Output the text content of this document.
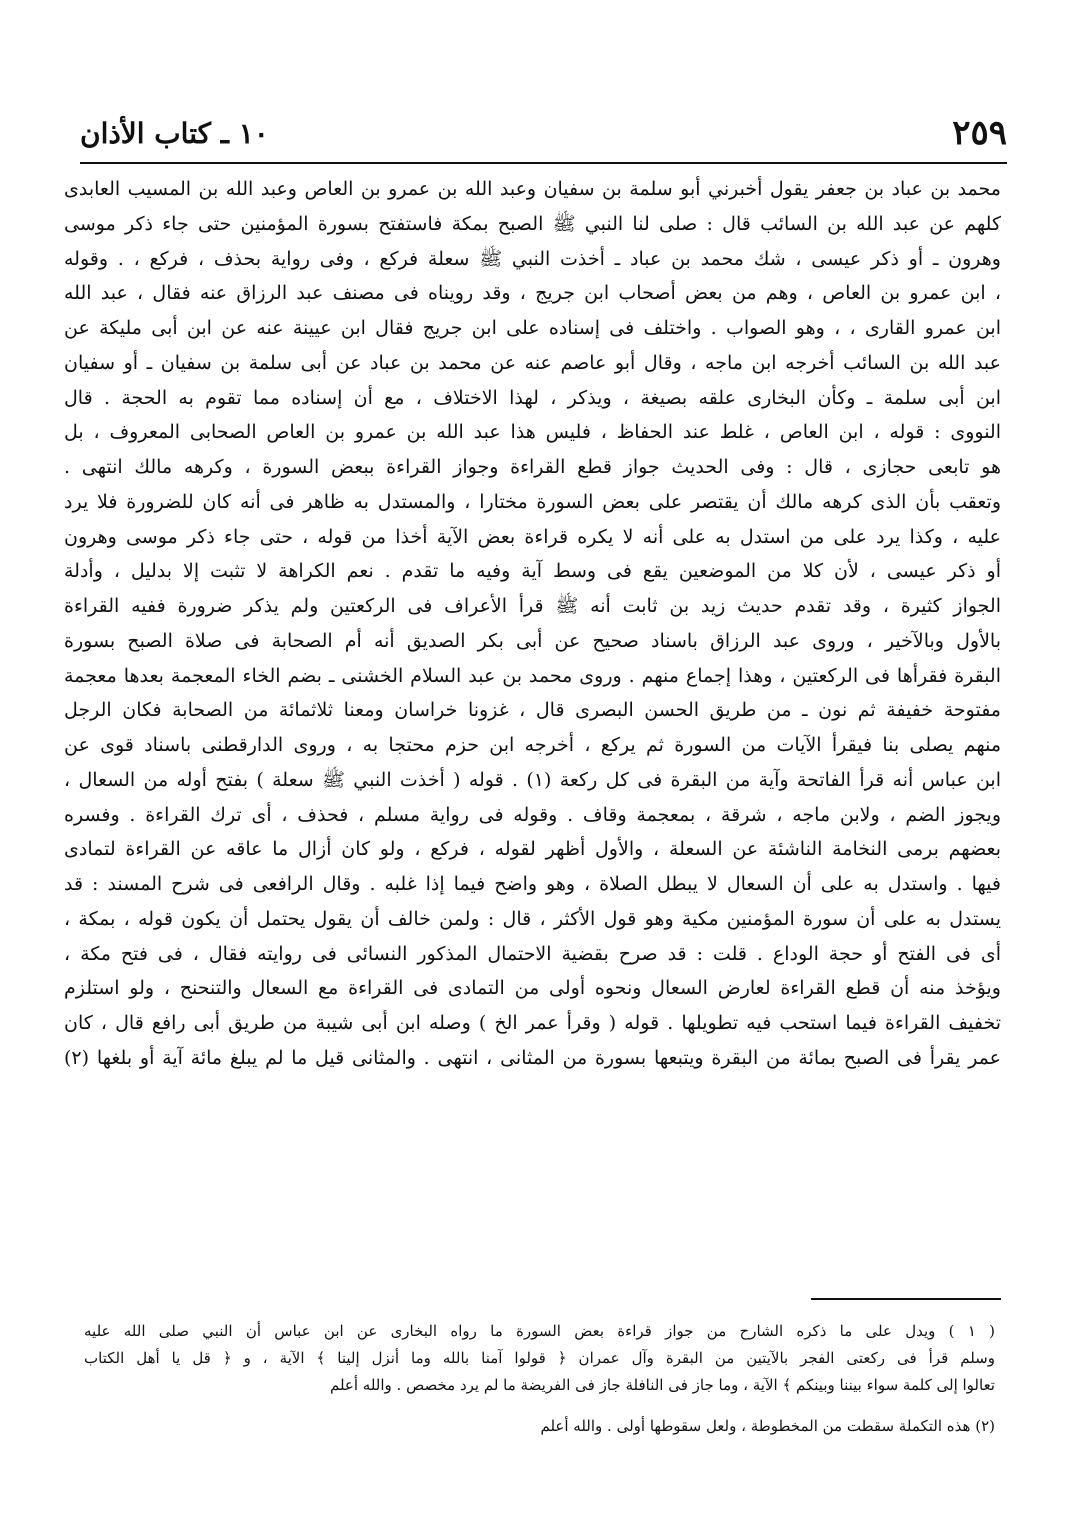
٢٥٩
١٠ ـ كتاب الأذان
محمد بن عباد بن جعفر يقول أخبرني أبو سلمة بن سفيان وعبد الله بن عمرو بن العاص وعبد الله بن المسيب العابدى
كلهم عن عبد الله بن السائب قال : صلى لنا النبي ﷺ الصبح بمكة فاستفتح بسورة المؤمنين حتى جاء ذكر موسى
وهرون ـ أو ذكر عيسى ، شك محمد بن عباد ـ أخذت النبي ﷺ سعلة فركع ، وفى رواية بحذف ، فركع ، . وقوله
، ابن عمرو بن العاص ، وهم من بعض أصحاب ابن جريج ، وقد رويناه فى مصنف عبد الرزاق عنه فقال ، عبد الله
ابن عمرو القارى ، ، وهو الصواب . واختلف فى إسناده على ابن جريج فقال ابن عيينة عنه عن ابن أبى مليكة عن
عبد الله بن السائب أخرجه ابن ماجه ، وقال أبو عاصم عنه عن محمد بن عباد عن أبى سلمة بن سفيان ـ أو سفيان
ابن أبى سلمة ـ وكأن البخارى علقه بصيغة ، ويذكر ، لهذا الاختلاف ، مع أن إسناده مما تقوم به الحجة . قال
النووى : قوله ، ابن العاص ، غلط عند الحفاظ ، فليس هذا عبد الله بن عمرو بن العاص الصحابى المعروف ، بل
هو تابعى حجازى ، قال : وفى الحديث جواز قطع القراءة وجواز القراءة ببعض السورة ، وكرهه مالك انتهى .
وتعقب بأن الذى كرهه مالك أن يقتصر على بعض السورة مختارا ، والمستدل به ظاهر فى أنه كان للضرورة فلا يرد
عليه ، وكذا يرد على من استدل به على أنه لا يكره قراءة بعض الآية أخذا من قوله ، حتى جاء ذكر موسى وهرون
أو ذكر عيسى ، لأن كلا من الموضعين يقع فى وسط آية وفيه ما تقدم . نعم الكراهة لا تثبت إلا بدليل ، وأدلة
الجواز كثيرة ، وقد تقدم حديث زيد بن ثابت أنه ﷺ قرأ الأعراف فى الركعتين ولم يذكر ضرورة ففيه القراءة
بالأول وبالآخير ، وروى عبد الرزاق باسناد صحيح عن أبى بكر الصديق أنه أم الصحابة فى صلاة الصبح بسورة
البقرة فقرأها فى الركعتين ، وهذا إجماع منهم . وروى محمد بن عبد السلام الخشنى ـ بضم الخاء المعجمة بعدها معجمة
مفتوحة خفيفة ثم نون ـ من طريق الحسن البصرى قال ، غزونا خراسان ومعنا ثلاثمائة من الصحابة فكان الرجل
منهم يصلى بنا فيقرأ الآيات من السورة ثم يركع ، أخرجه ابن حزم محتجا به ، وروى الدارقطنى باسناد قوى عن
ابن عباس أنه قرأ الفاتحة وآية من البقرة فى كل ركعة (١) . قوله ( أخذت النبي ﷺ سعلة ) بفتح أوله من السعال ،
ويجوز الضم ، ولابن ماجه ، شرقة ، بمعجمة وقاف . وقوله فى رواية مسلم ، فحذف ، أى ترك القراءة . وفسره
بعضهم برمى النخامة الناشئة عن السعلة ، والأول أظهر لقوله ، فركع ، ولو كان أزال ما عاقه عن القراءة لتمادى
فيها . واستدل به على أن السعال لا يبطل الصلاة ، وهو واضح فيما إذا غلبه . وقال الرافعى فى شرح المسند : قد
يستدل به على أن سورة المؤمنين مكية وهو قول الأكثر ، قال : ولمن خالف أن يقول يحتمل أن يكون قوله ، بمكة ،
أى فى الفتح أو حجة الوداع . قلت : قد صرح بقضية الاحتمال المذكور النسائى فى روايته فقال ، فى فتح مكة ،
ويؤخذ منه أن قطع القراءة لعارض السعال ونحوه أولى من التمادى فى القراءة مع السعال والتنحنح ، ولو استلزم
تخفيف القراءة فيما استحب فيه تطويلها . قوله ( وقرأ عمر الخ ) وصله ابن أبى شيبة من طريق أبى رافع قال ، كان
عمر يقرأ فى الصبح بمائة من البقرة ويتبعها بسورة من المثانى ، انتهى . والمثانى قيل ما لم يبلغ مائة آية أو بلغها (٢)
( ١ ) ويدل على ما ذكره الشارح من جواز قراءة بعض السورة ما رواه البخارى عن ابن عباس أن النبي صلى الله عليه
وسلم قرأ فى ركعتى الفجر بالآيتين من البقرة وآل عمران ﴿ قولوا آمنا بالله وما أنزل إلينا ﴾ الآية ، و ﴿ قل يا أهل الكتاب
تعالوا إلى كلمة سواء بيننا وبينكم ﴾ الآية ، وما جاز فى النافلة جاز فى الفريضة ما لم يرد مخصص . والله أعلم
(٢) هذه التكملة سقطت من المخطوطة ، ولعل سقوطها أولى . والله أعلم
